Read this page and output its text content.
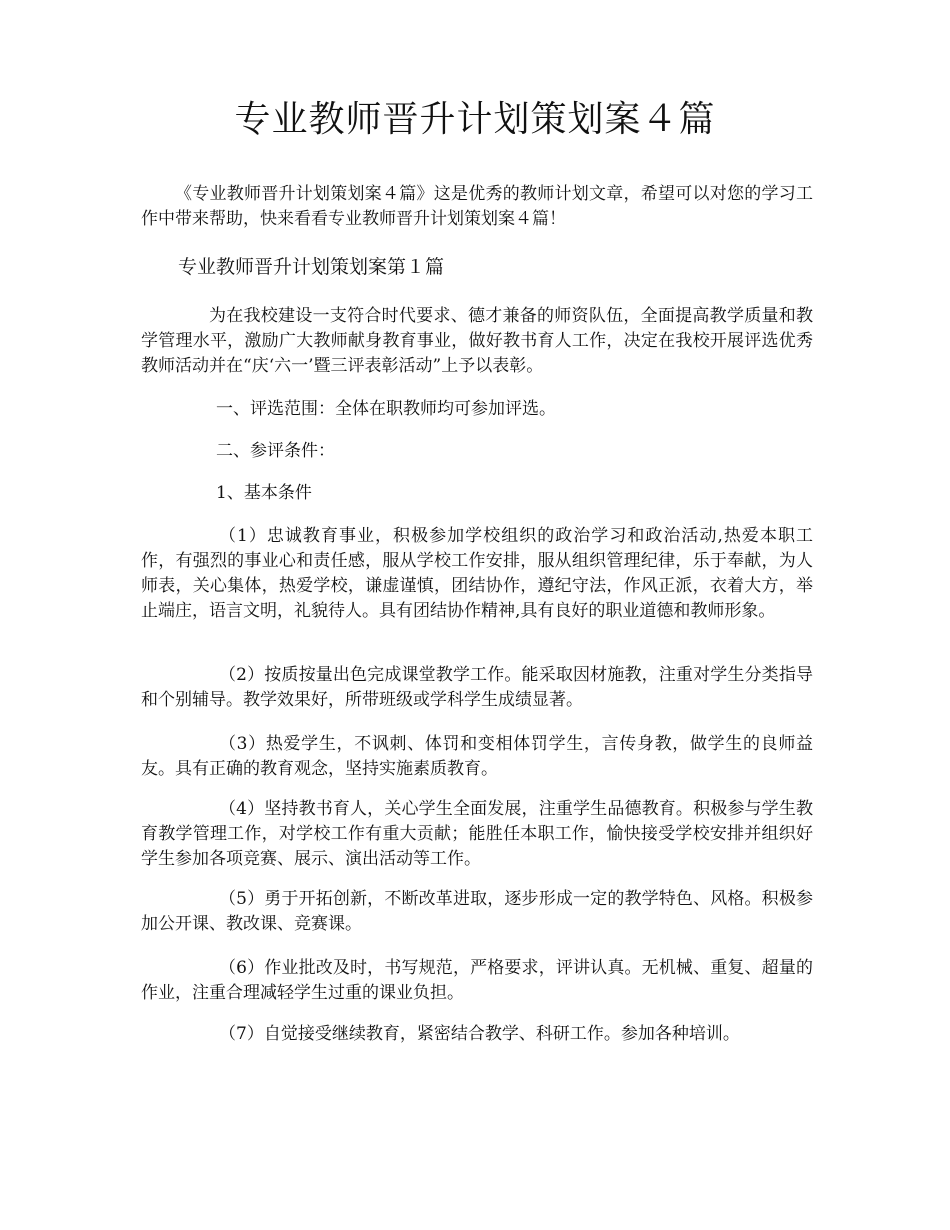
专业教师晋升计划策划案４篇

《专业教师晋升计划策划案４篇》这是优秀的教师计划文章，希望可以对您的学习工作中带来帮助，快来看看专业教师晋升计划策划案４篇！

专业教师晋升计划策划案第１篇

为在我校建设一支符合时代要求、德才兼备的师资队伍，全面提高教学质量和教学管理水平，激励广大教师献身教育事业，做好教书育人工作，决定在我校开展评选优秀教师活动并在“庆‘六一’暨三评表彰活动”上予以表彰。

一、评选范围：全体在职教师均可参加评选。

二、参评条件：

1、基本条件

（1）忠诚教育事业，积极参加学校组织的政治学习和政治活动,热爱本职工作，有强烈的事业心和责任感，服从学校工作安排，服从组织管理纪律，乐于奉献，为人师表，关心集体，热爱学校，谦虚谨慎，团结协作，遵纪守法，作风正派，衣着大方，举止端庄，语言文明，礼貌待人。具有团结协作精神,具有良好的职业道德和教师形象。

（2）按质按量出色完成课堂教学工作。能采取因材施教，注重对学生分类指导和个别辅导。教学效果好，所带班级或学科学生成绩显著。

（3）热爱学生，不讽刺、体罚和变相体罚学生，言传身教，做学生的良师益友。具有正确的教育观念，坚持实施素质教育。

（4）坚持教书育人，关心学生全面发展，注重学生品德教育。积极参与学生教育教学管理工作，对学校工作有重大贡献；能胜任本职工作，愉快接受学校安排并组织好学生参加各项竞赛、展示、演出活动等工作。

（5）勇于开拓创新，不断改革进取，逐步形成一定的教学特色、风格。积极参加公开课、教改课、竞赛课。

（6）作业批改及时，书写规范，严格要求，评讲认真。无机械、重复、超量的作业，注重合理减轻学生过重的课业负担。

（7）自觉接受继续教育，紧密结合教学、科研工作。参加各种培训。
